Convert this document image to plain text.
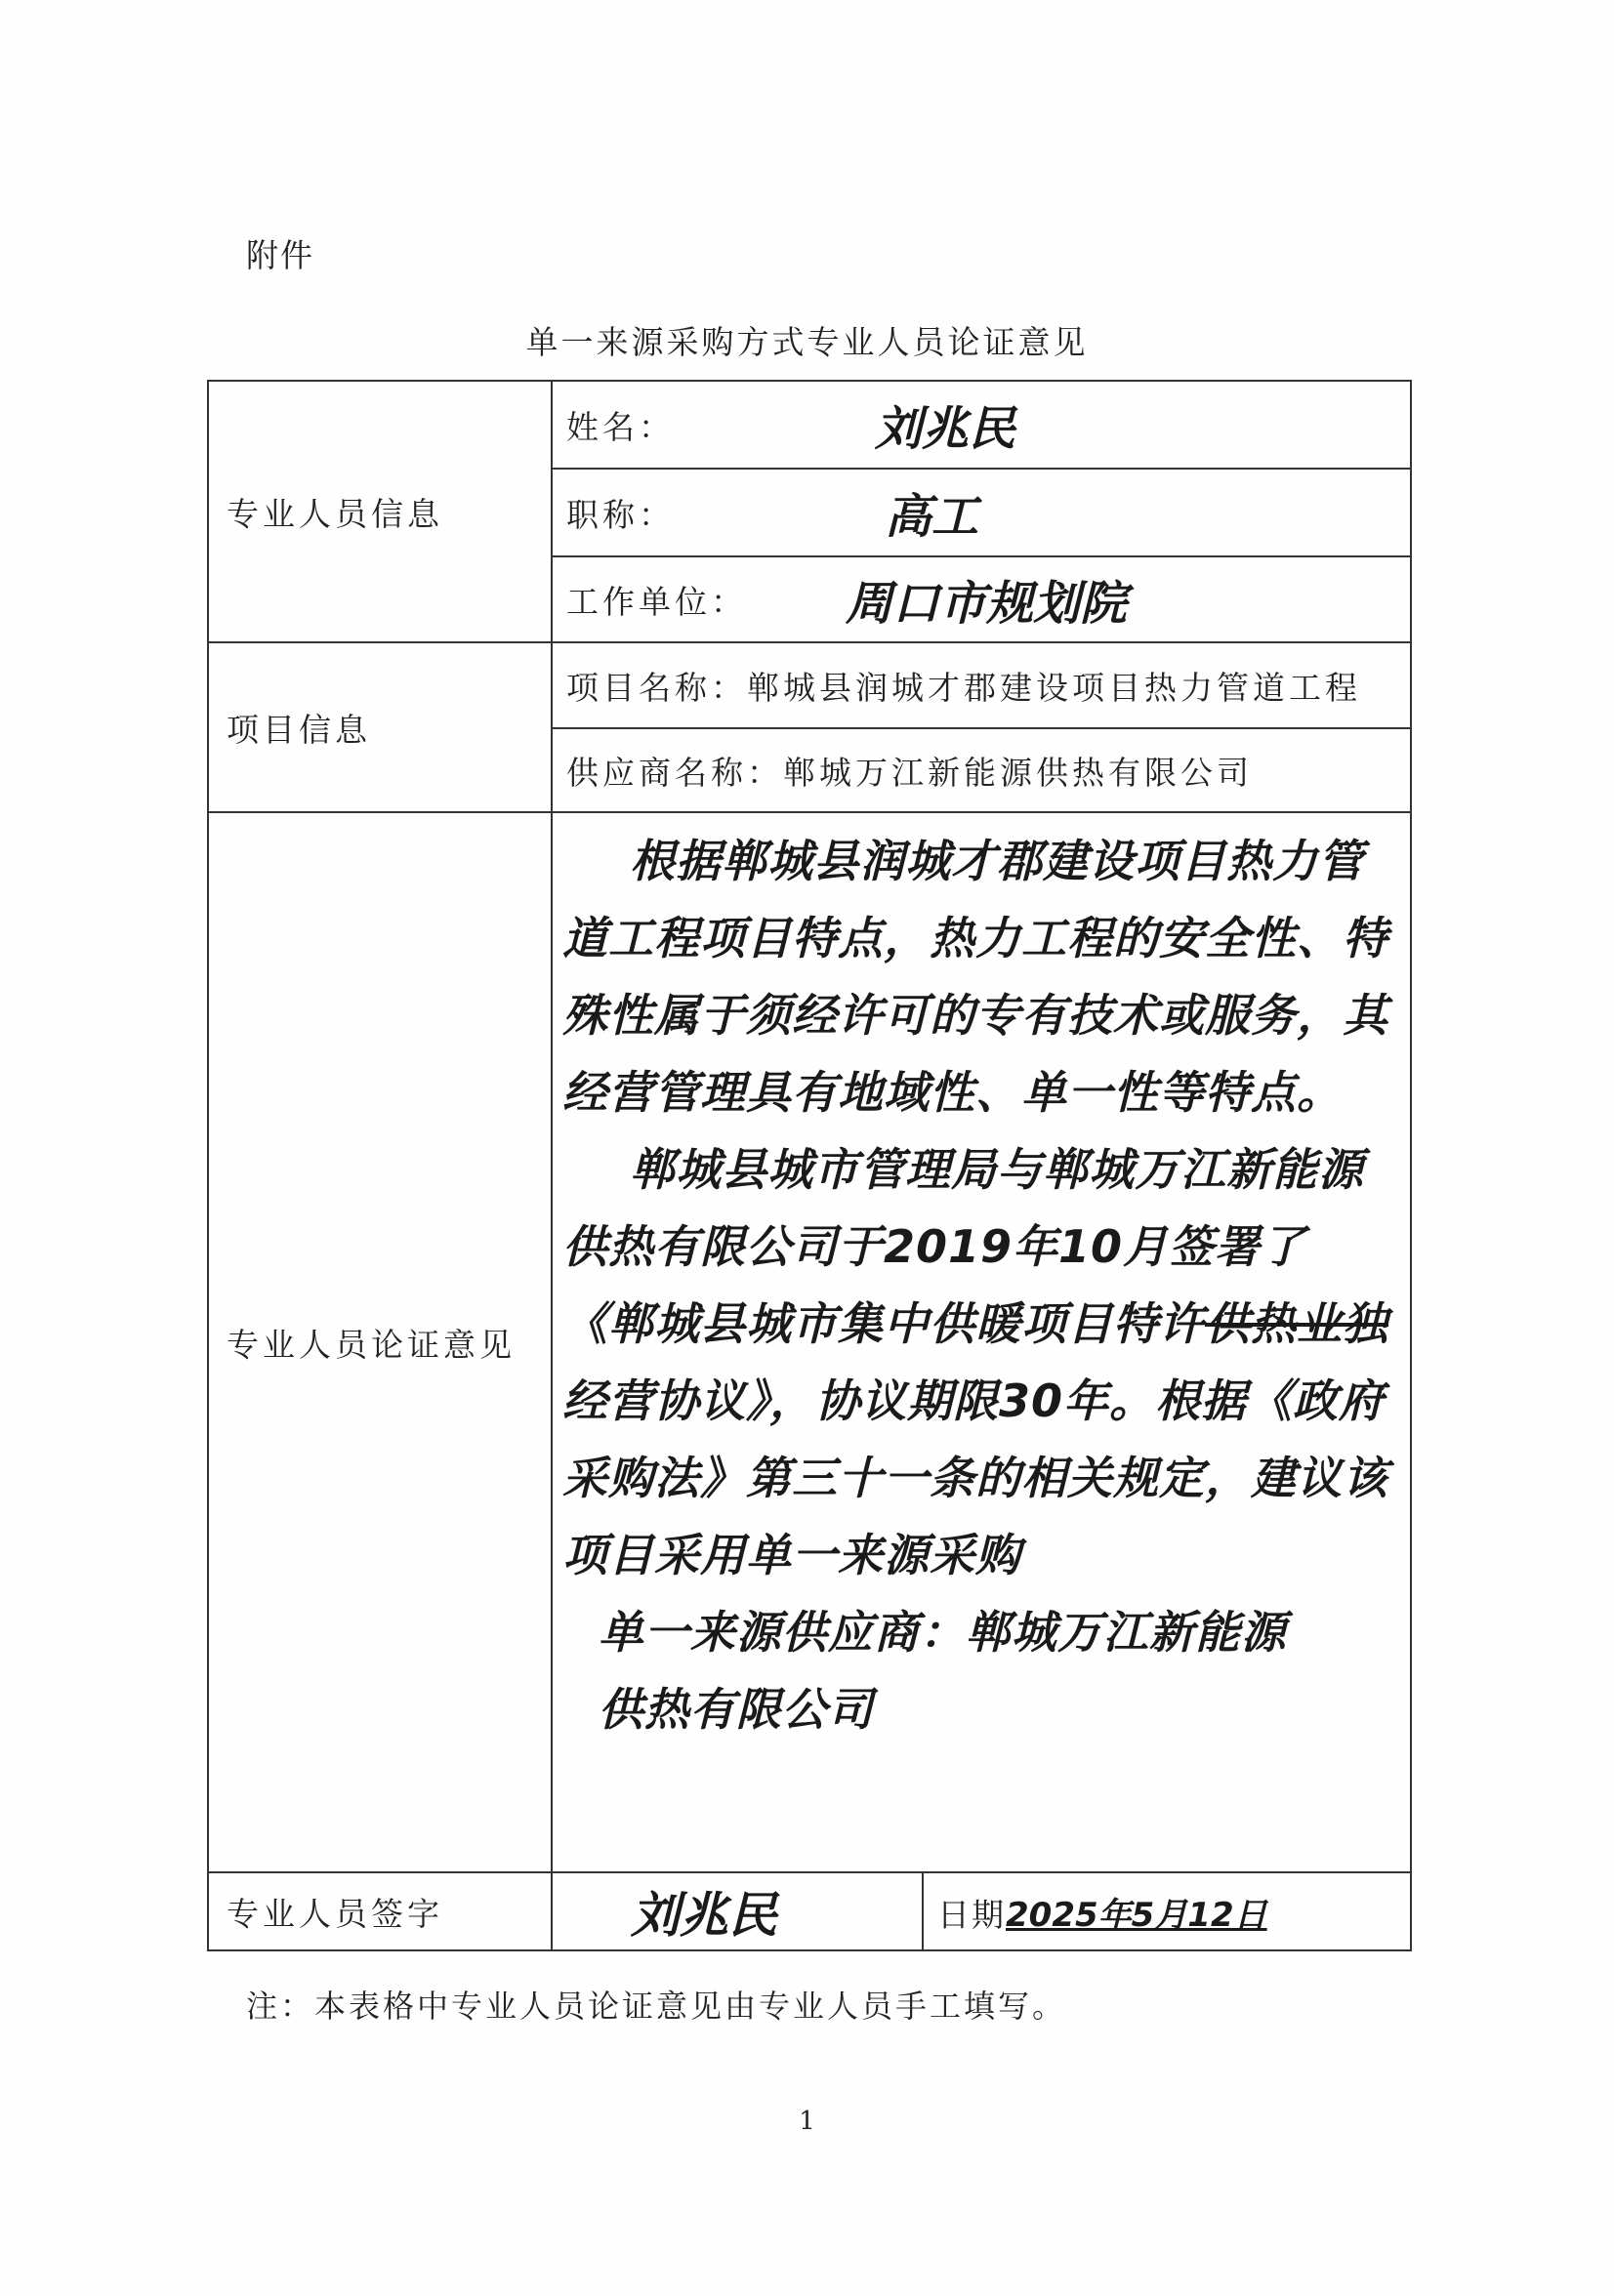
附件
单一来源采购方式专业人员论证意见
专业人员信息	姓名： 刘兆民	

	职称： 高工	

	工作单位： 周口市规划院	

项目信息	项目名称：郸城县润城才郡建设项目热力管道工程	
	供应商名称：郸城万江新能源供热有限公司	
专业人员论证意见	根据郸城县润城才郡建设项目热力管道工程项目特点，热力工程的安全性、特殊性属于须经许可的专有技术或服务，其经营管理具有地域性、单一性等特点。

郸城县城市管理局与郸城万江新能源供热有限公司于2019年10月签署了《郸城县城市集中供暖项目特许供热业独经营协议》，协议期限30年。根据《政府采购法》第三十一条的相关规定，建议该项目采用单一来源采购

单一来源供应商：郸城万江新能源供热有限公司	

专业人员签字	刘兆民	日期2025年5月12日
注：本表格中专业人员论证意见由专业人员手工填写。
1
